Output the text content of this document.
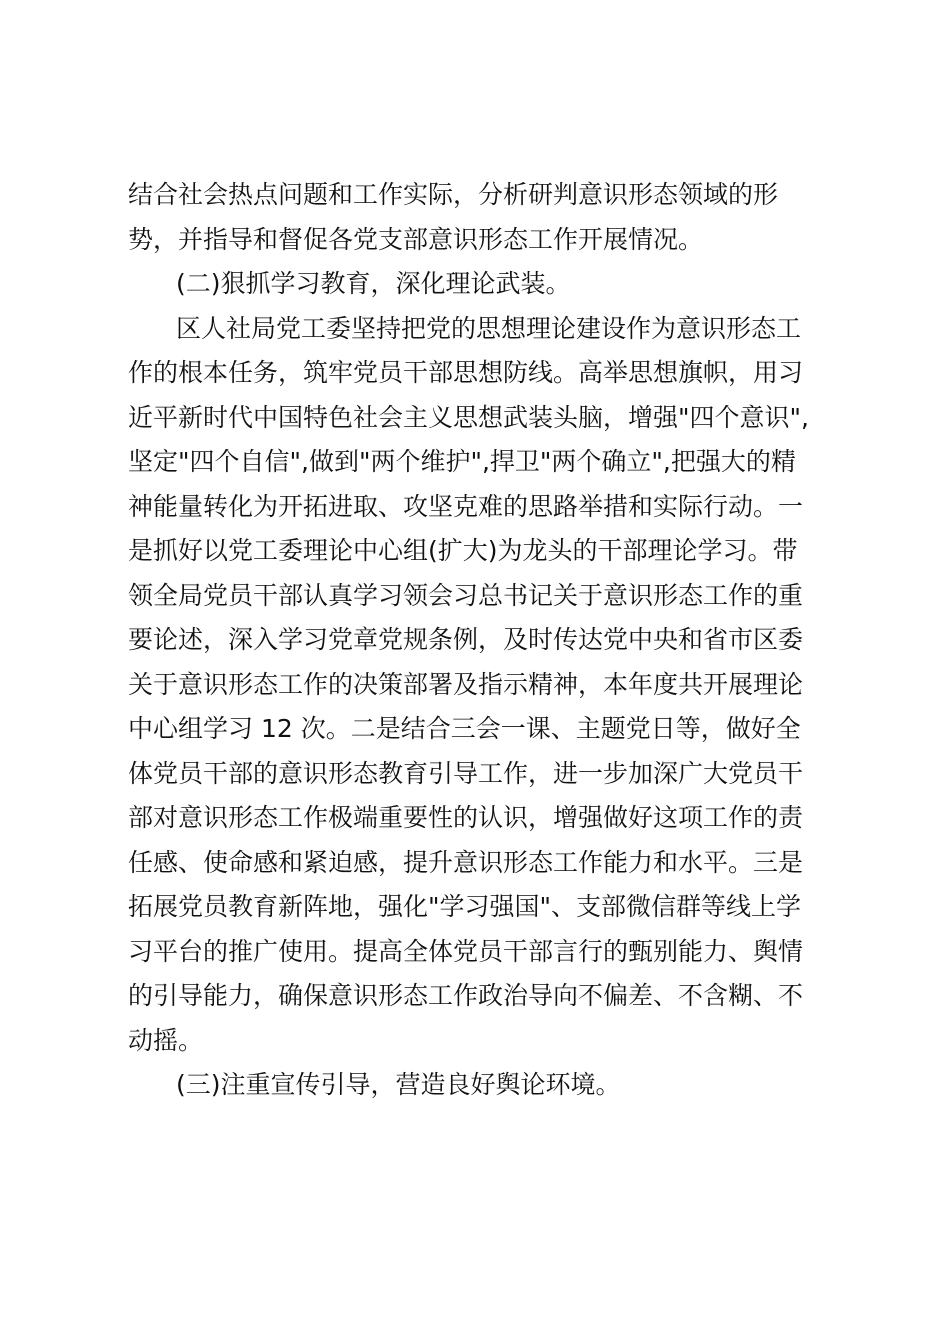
结合社会热点问题和工作实际，分析研判意识形态领域的形
势，并指导和督促各党支部意识形态工作开展情况。
(二)狠抓学习教育，深化理论武装。
区人社局党工委坚持把党的思想理论建设作为意识形态工
作的根本任务，筑牢党员干部思想防线。高举思想旗帜，用习
近平新时代中国特色社会主义思想武装头脑，增强"四个意识",
坚定"四个自信",做到"两个维护",捍卫"两个确立",把强大的精
神能量转化为开拓进取、攻坚克难的思路举措和实际行动。一
是抓好以党工委理论中心组(扩大)为龙头的干部理论学习。带
领全局党员干部认真学习领会习总书记关于意识形态工作的重
要论述，深入学习党章党规条例，及时传达党中央和省市区委
关于意识形态工作的决策部署及指示精神，本年度共开展理论
中心组学习 12 次。二是结合三会一课、主题党日等，做好全
体党员干部的意识形态教育引导工作，进一步加深广大党员干
部对意识形态工作极端重要性的认识，增强做好这项工作的责
任感、使命感和紧迫感，提升意识形态工作能力和水平。三是
拓展党员教育新阵地，强化"学习强国"、支部微信群等线上学
习平台的推广使用。提高全体党员干部言行的甄别能力、舆情
的引导能力，确保意识形态工作政治导向不偏差、不含糊、不
动摇。
(三)注重宣传引导，营造良好舆论环境。
